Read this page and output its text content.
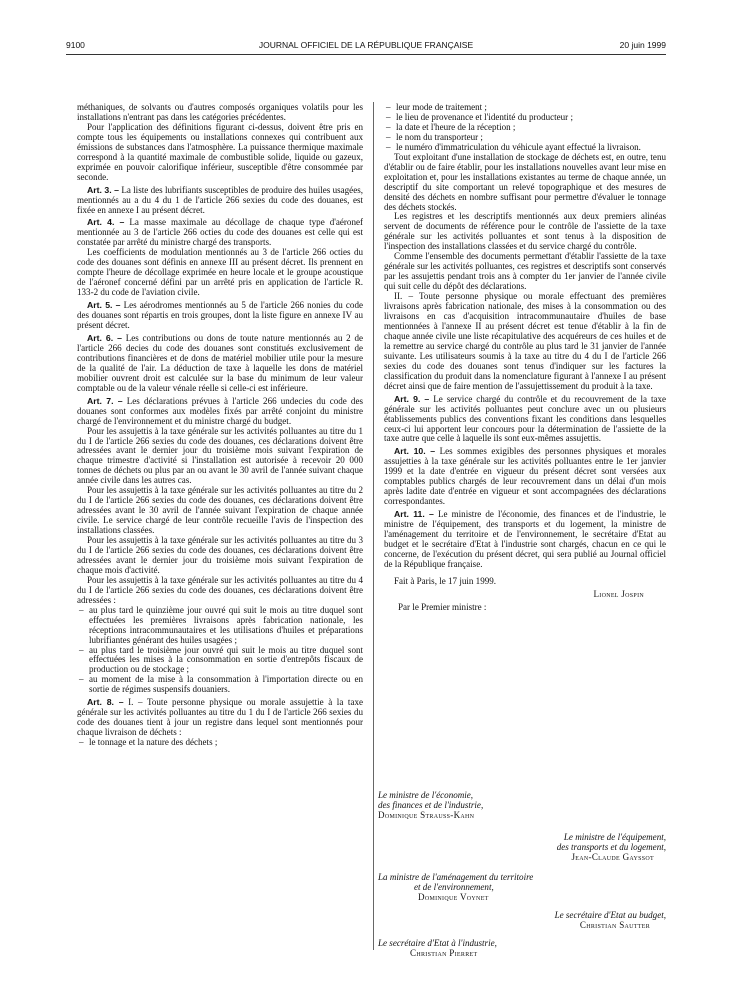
9100	JOURNAL OFFICIEL DE LA RÉPUBLIQUE FRANÇAISE	20 juin 1999

méthaniques, de solvants ou d'autres composés organiques volatils pour les installations n'entrant pas dans les catégories précédentes.

Pour l'application des définitions figurant ci-dessus, doivent être pris en compte tous les équipements ou installations connexes qui contribuent aux émissions de substances dans l'atmosphère. La puissance thermique maximale correspond à la quantité maximale de combustible solide, liquide ou gazeux, exprimée en pouvoir calorifique inférieur, susceptible d'être consommée par seconde.

Art. 3. – La liste des lubrifiants susceptibles de produire des huiles usagées, mentionnés au a du 4 du 1 de l'article 266 sexies du code des douanes, est fixée en annexe I au présent décret.

Art. 4. – La masse maximale au décollage de chaque type d'aéronef mentionnée au 3 de l'article 266 octies du code des douanes est celle qui est constatée par arrêté du ministre chargé des transports.

Les coefficients de modulation mentionnés au 3 de l'article 266 octies du code des douanes sont définis en annexe III au présent décret. Ils prennent en compte l'heure de décollage exprimée en heure locale et le groupe acoustique de l'aéronef concerné défini par un arrêté pris en application de l'article R. 133-2 du code de l'aviation civile.

Art. 5. – Les aérodromes mentionnés au 5 de l'article 266 nonies du code des douanes sont répartis en trois groupes, dont la liste figure en annexe IV au présent décret.

Art. 6. – Les contributions ou dons de toute nature mentionnés au 2 de l'article 266 decies du code des douanes sont constitués exclusivement de contributions financières et de dons de matériel mobilier utile pour la mesure de la qualité de l'air. La déduction de taxe à laquelle les dons de matériel mobilier ouvrent droit est calculée sur la base du minimum de leur valeur comptable ou de la valeur vénale réelle si celle-ci est inférieure.

Art. 7. – Les déclarations prévues à l'article 266 undecies du code des douanes sont conformes aux modèles fixés par arrêté conjoint du ministre chargé de l'environnement et du ministre chargé du budget.

Pour les assujettis à la taxe générale sur les activités polluantes au titre du 1 du I de l'article 266 sexies du code des douanes, ces déclarations doivent être adressées avant le dernier jour du troisième mois suivant l'expiration de chaque trimestre d'activité si l'installation est autorisée à recevoir 20 000 tonnes de déchets ou plus par an ou avant le 30 avril de l'année suivant chaque année civile dans les autres cas.

Pour les assujettis à la taxe générale sur les activités polluantes au titre du 2 du I de l'article 266 sexies du code des douanes, ces déclarations doivent être adressées avant le 30 avril de l'année suivant l'expiration de chaque année civile. Le service chargé de leur contrôle recueille l'avis de l'inspection des installations classées.

Pour les assujettis à la taxe générale sur les activités polluantes au titre du 3 du I de l'article 266 sexies du code des douanes, ces déclarations doivent être adressées avant le dernier jour du troisième mois suivant l'expiration de chaque mois d'activité.

Pour les assujettis à la taxe générale sur les activités polluantes au titre du 4 du I de l'article 266 sexies du code des douanes, ces déclarations doivent être adressées :

– au plus tard le quinzième jour ouvré qui suit le mois au titre duquel sont effectuées les premières livraisons après fabrication nationale, les réceptions intracommunautaires et les utilisations d'huiles et préparations lubrifiantes générant des huiles usagées ;
– au plus tard le troisième jour ouvré qui suit le mois au titre duquel sont effectuées les mises à la consommation en sortie d'entrepôts fiscaux de production ou de stockage ;
– au moment de la mise à la consommation à l'importation directe ou en sortie de régimes suspensifs douaniers.

Art. 8. – I. – Toute personne physique ou morale assujettie à la taxe générale sur les activités polluantes au titre du 1 du I de l'article 266 sexies du code des douanes tient à jour un registre dans lequel sont mentionnés pour chaque livraison de déchets :

– le tonnage et la nature des déchets ;
– leur mode de traitement ;
– le lieu de provenance et l'identité du producteur ;
– la date et l'heure de la réception ;
– le nom du transporteur ;
– le numéro d'immatriculation du véhicule ayant effectué la livraison.

Tout exploitant d'une installation de stockage de déchets est, en outre, tenu d'établir ou de faire établir, pour les installations nouvelles avant leur mise en exploitation et, pour les installations existantes au terme de chaque année, un descriptif du site comportant un relevé topographique et des mesures de densité des déchets en nombre suffisant pour permettre d'évaluer le tonnage des déchets stockés.

Les registres et les descriptifs mentionnés aux deux premiers alinéas servent de documents de référence pour le contrôle de l'assiette de la taxe générale sur les activités polluantes et sont tenus à la disposition de l'inspection des installations classées et du service chargé du contrôle.

Comme l'ensemble des documents permettant d'établir l'assiette de la taxe générale sur les activités polluantes, ces registres et descriptifs sont conservés par les assujettis pendant trois ans à compter du 1er janvier de l'année civile qui suit celle du dépôt des déclarations.

II. – Toute personne physique ou morale effectuant des premières livraisons après fabrication nationale, des mises à la consommation ou des livraisons en cas d'acquisition intracommunautaire d'huiles de base mentionnées à l'annexe II au présent décret est tenue d'établir à la fin de chaque année civile une liste récapitulative des acquéreurs de ces huiles et de la remettre au service chargé du contrôle au plus tard le 31 janvier de l'année suivante. Les utilisateurs soumis à la taxe au titre du 4 du I de l'article 266 sexies du code des douanes sont tenus d'indiquer sur les factures la classification du produit dans la nomenclature figurant à l'annexe I au présent décret ainsi que de faire mention de l'assujettissement du produit à la taxe.

Art. 9. – Le service chargé du contrôle et du recouvrement de la taxe générale sur les activités polluantes peut conclure avec un ou plusieurs établissements publics des conventions fixant les conditions dans lesquelles ceux-ci lui apportent leur concours pour la détermination de l'assiette de la taxe autre que celle à laquelle ils sont eux-mêmes assujettis.

Art. 10. – Les sommes exigibles des personnes physiques et morales assujetties à la taxe générale sur les activités polluantes entre le 1er janvier 1999 et la date d'entrée en vigueur du présent décret sont versées aux comptables publics chargés de leur recouvrement dans un délai d'un mois après ladite date d'entrée en vigueur et sont accompagnées des déclarations correspondantes.

Art. 11. – Le ministre de l'économie, des finances et de l'industrie, le ministre de l'équipement, des transports et du logement, la ministre de l'aménagement du territoire et de l'environnement, le secrétaire d'Etat au budget et le secrétaire d'Etat à l'industrie sont chargés, chacun en ce qui le concerne, de l'exécution du présent décret, qui sera publié au Journal officiel de la République française.

Fait à Paris, le 17 juin 1999.
Lionel Jospin
Par le Premier ministre :
Le ministre de l'économie,
des finances et de l'industrie,
Dominique Strauss-Kahn
Le ministre de l'équipement,
des transports et du logement,
Jean-Claude Gayssot
La ministre de l'aménagement du territoire
et de l'environnement,
Dominique Voynet
Le secrétaire d'Etat au budget,
Christian Sautter
Le secrétaire d'Etat à l'industrie,
Christian Pierret
